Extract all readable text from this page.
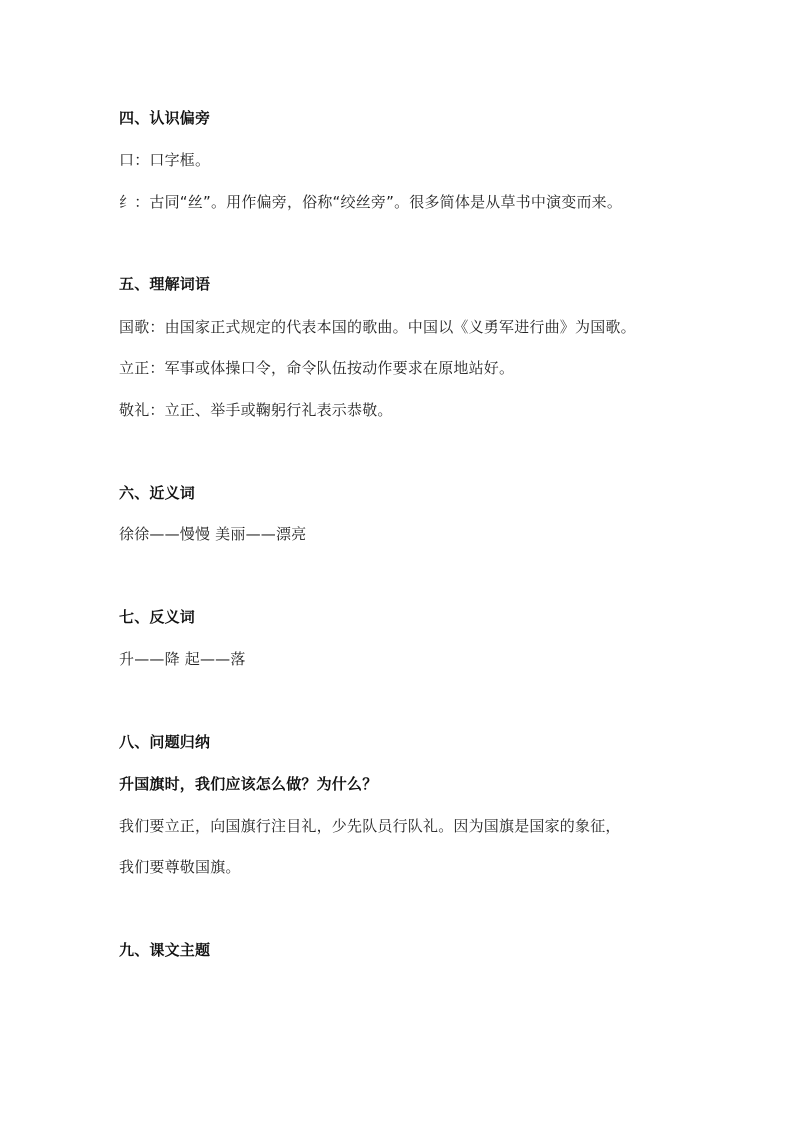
四、认识偏旁
口：口字框。
纟：古同“丝”。用作偏旁，俗称“绞丝旁”。很多简体是从草书中演变而来。
五、理解词语
国歌：由国家正式规定的代表本国的歌曲。中国以《义勇军进行曲》为国歌。
立正：军事或体操口令，命令队伍按动作要求在原地站好。
敬礼：立正、举手或鞠躬行礼表示恭敬。
六、近义词
徐徐——慢慢 美丽——漂亮
七、反义词
升——降 起——落
八、问题归纳
升国旗时，我们应该怎么做？为什么？
我们要立正，向国旗行注目礼，少先队员行队礼。因为国旗是国家的象征，
我们要尊敬国旗。
九、课文主题
